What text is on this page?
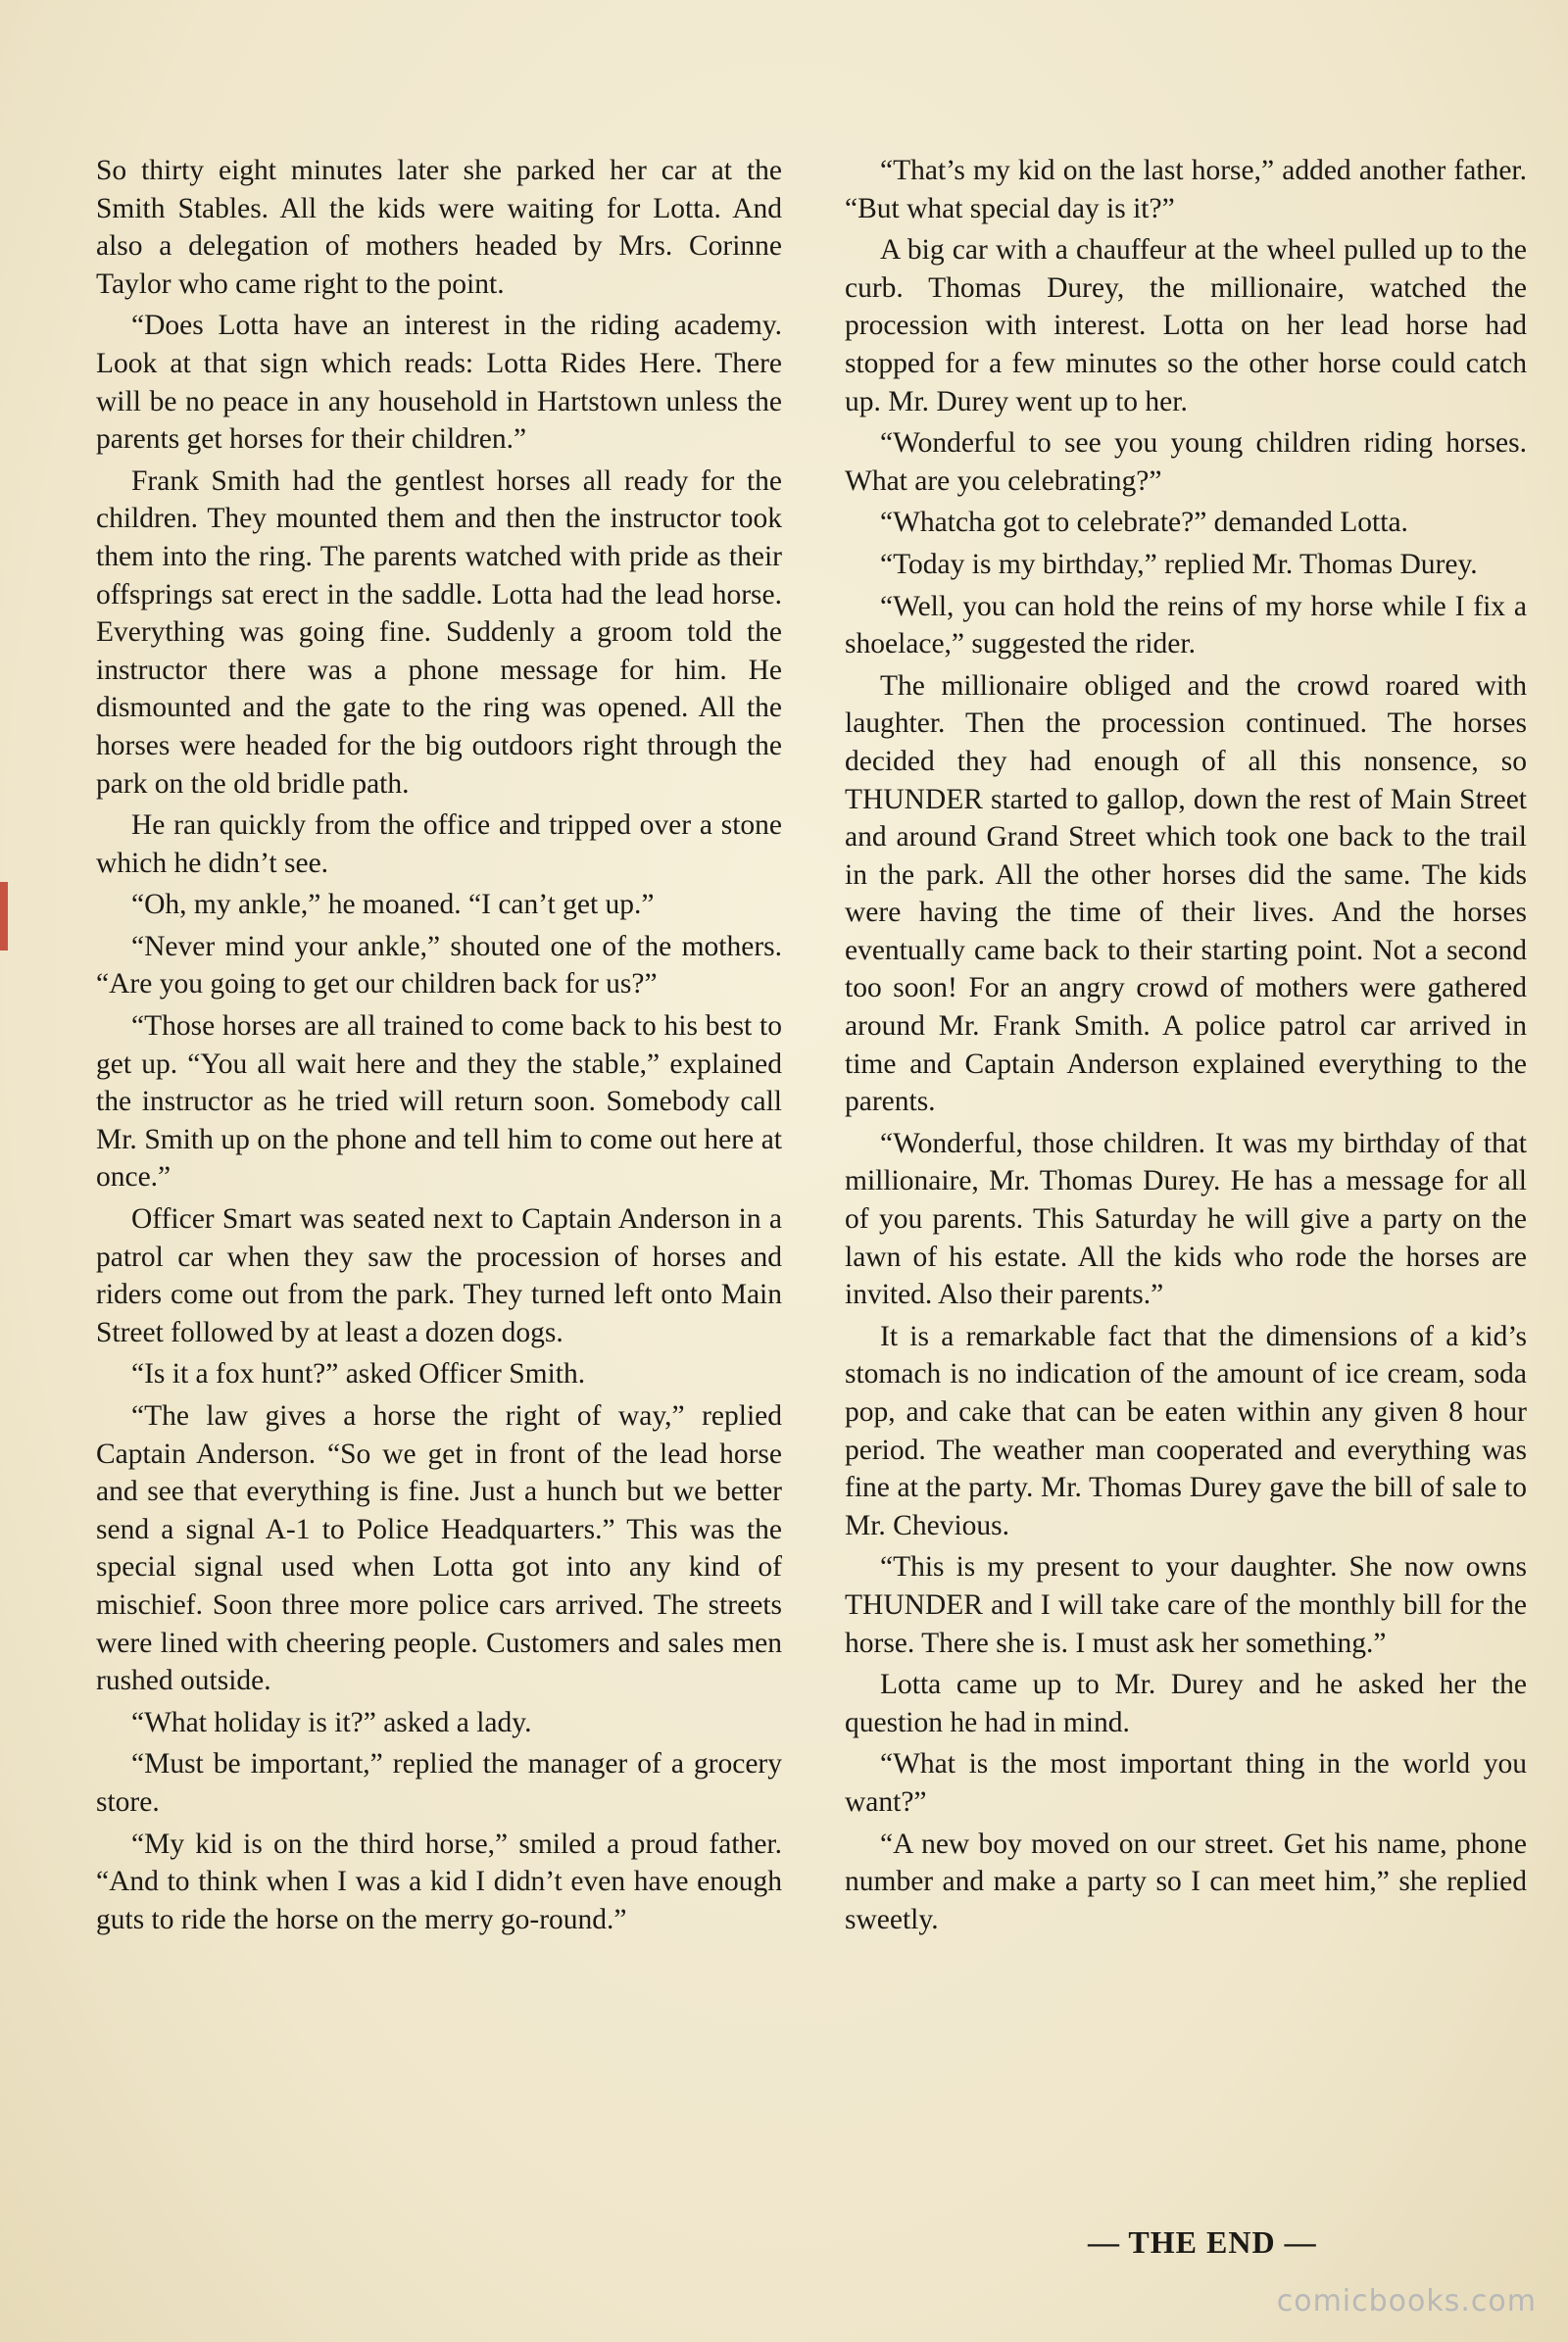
So thirty eight minutes later she parked her car at the Smith Stables. All the kids were waiting for Lotta. And also a delegation of mothers headed by Mrs. Corinne Taylor who came right to the point.

“Does Lotta have an interest in the riding academy. Look at that sign which reads: Lotta Rides Here. There will be no peace in any household in Hartstown unless the parents get horses for their children.”

Frank Smith had the gentlest horses all ready for the children. They mounted them and then the instructor took them into the ring. The parents watched with pride as their offsprings sat erect in the saddle. Lotta had the lead horse. Everything was going fine. Suddenly a groom told the instructor there was a phone message for him. He dismounted and the gate to the ring was opened. All the horses were headed for the big outdoors right through the park on the old bridle path.

He ran quickly from the office and tripped over a stone which he didn’t see.

“Oh, my ankle,” he moaned. “I can’t get up.”

“Never mind your ankle,” shouted one of the mothers. “Are you going to get our children back for us?”

“Those horses are all trained to come back to his best to get up. “You all wait here and they the stable,” explained the instructor as he tried will return soon. Somebody call Mr. Smith up on the phone and tell him to come out here at once.”

Officer Smart was seated next to Captain Anderson in a patrol car when they saw the procession of horses and riders come out from the park. They turned left onto Main Street followed by at least a dozen dogs.

“Is it a fox hunt?” asked Officer Smith.

“The law gives a horse the right of way,” replied Captain Anderson. “So we get in front of the lead horse and see that everything is fine. Just a hunch but we better send a signal A-1 to Police Headquarters.” This was the special signal used when Lotta got into any kind of mischief. Soon three more police cars arrived. The streets were lined with cheering people. Customers and sales men rushed outside.

“What holiday is it?” asked a lady.

“Must be important,” replied the manager of a grocery store.

“My kid is on the third horse,” smiled a proud father. “And to think when I was a kid I didn’t even have enough guts to ride the horse on the merry go-round.”

“That’s my kid on the last horse,” added another father. “But what special day is it?”

A big car with a chauffeur at the wheel pulled up to the curb. Thomas Durey, the millionaire, watched the procession with interest. Lotta on her lead horse had stopped for a few minutes so the other horse could catch up. Mr. Durey went up to her.

“Wonderful to see you young children riding horses. What are you celebrating?”

“Whatcha got to celebrate?” demanded Lotta.

“Today is my birthday,” replied Mr. Thomas Durey.

“Well, you can hold the reins of my horse while I fix a shoelace,” suggested the rider.

The millionaire obliged and the crowd roared with laughter. Then the procession continued. The horses decided they had enough of all this nonsence, so THUNDER started to gallop, down the rest of Main Street and around Grand Street which took one back to the trail in the park. All the other horses did the same. The kids were having the time of their lives. And the horses eventually came back to their starting point. Not a second too soon! For an angry crowd of mothers were gathered around Mr. Frank Smith. A police patrol car arrived in time and Captain Anderson explained everything to the parents.

“Wonderful, those children. It was my birthday of that millionaire, Mr. Thomas Durey. He has a message for all of you parents. This Saturday he will give a party on the lawn of his estate. All the kids who rode the horses are invited. Also their parents.”

It is a remarkable fact that the dimensions of a kid’s stomach is no indication of the amount of ice cream, soda pop, and cake that can be eaten within any given 8 hour period. The weather man cooperated and everything was fine at the party. Mr. Thomas Durey gave the bill of sale to Mr. Chevious.

“This is my present to your daughter. She now owns THUNDER and I will take care of the monthly bill for the horse. There she is. I must ask her something.”

Lotta came up to Mr. Durey and he asked her the question he had in mind.

“What is the most important thing in the world you want?”

“A new boy moved on our street. Get his name, phone number and make a party so I can meet him,” she replied sweetly.

— THE END —
comicbooks.com
